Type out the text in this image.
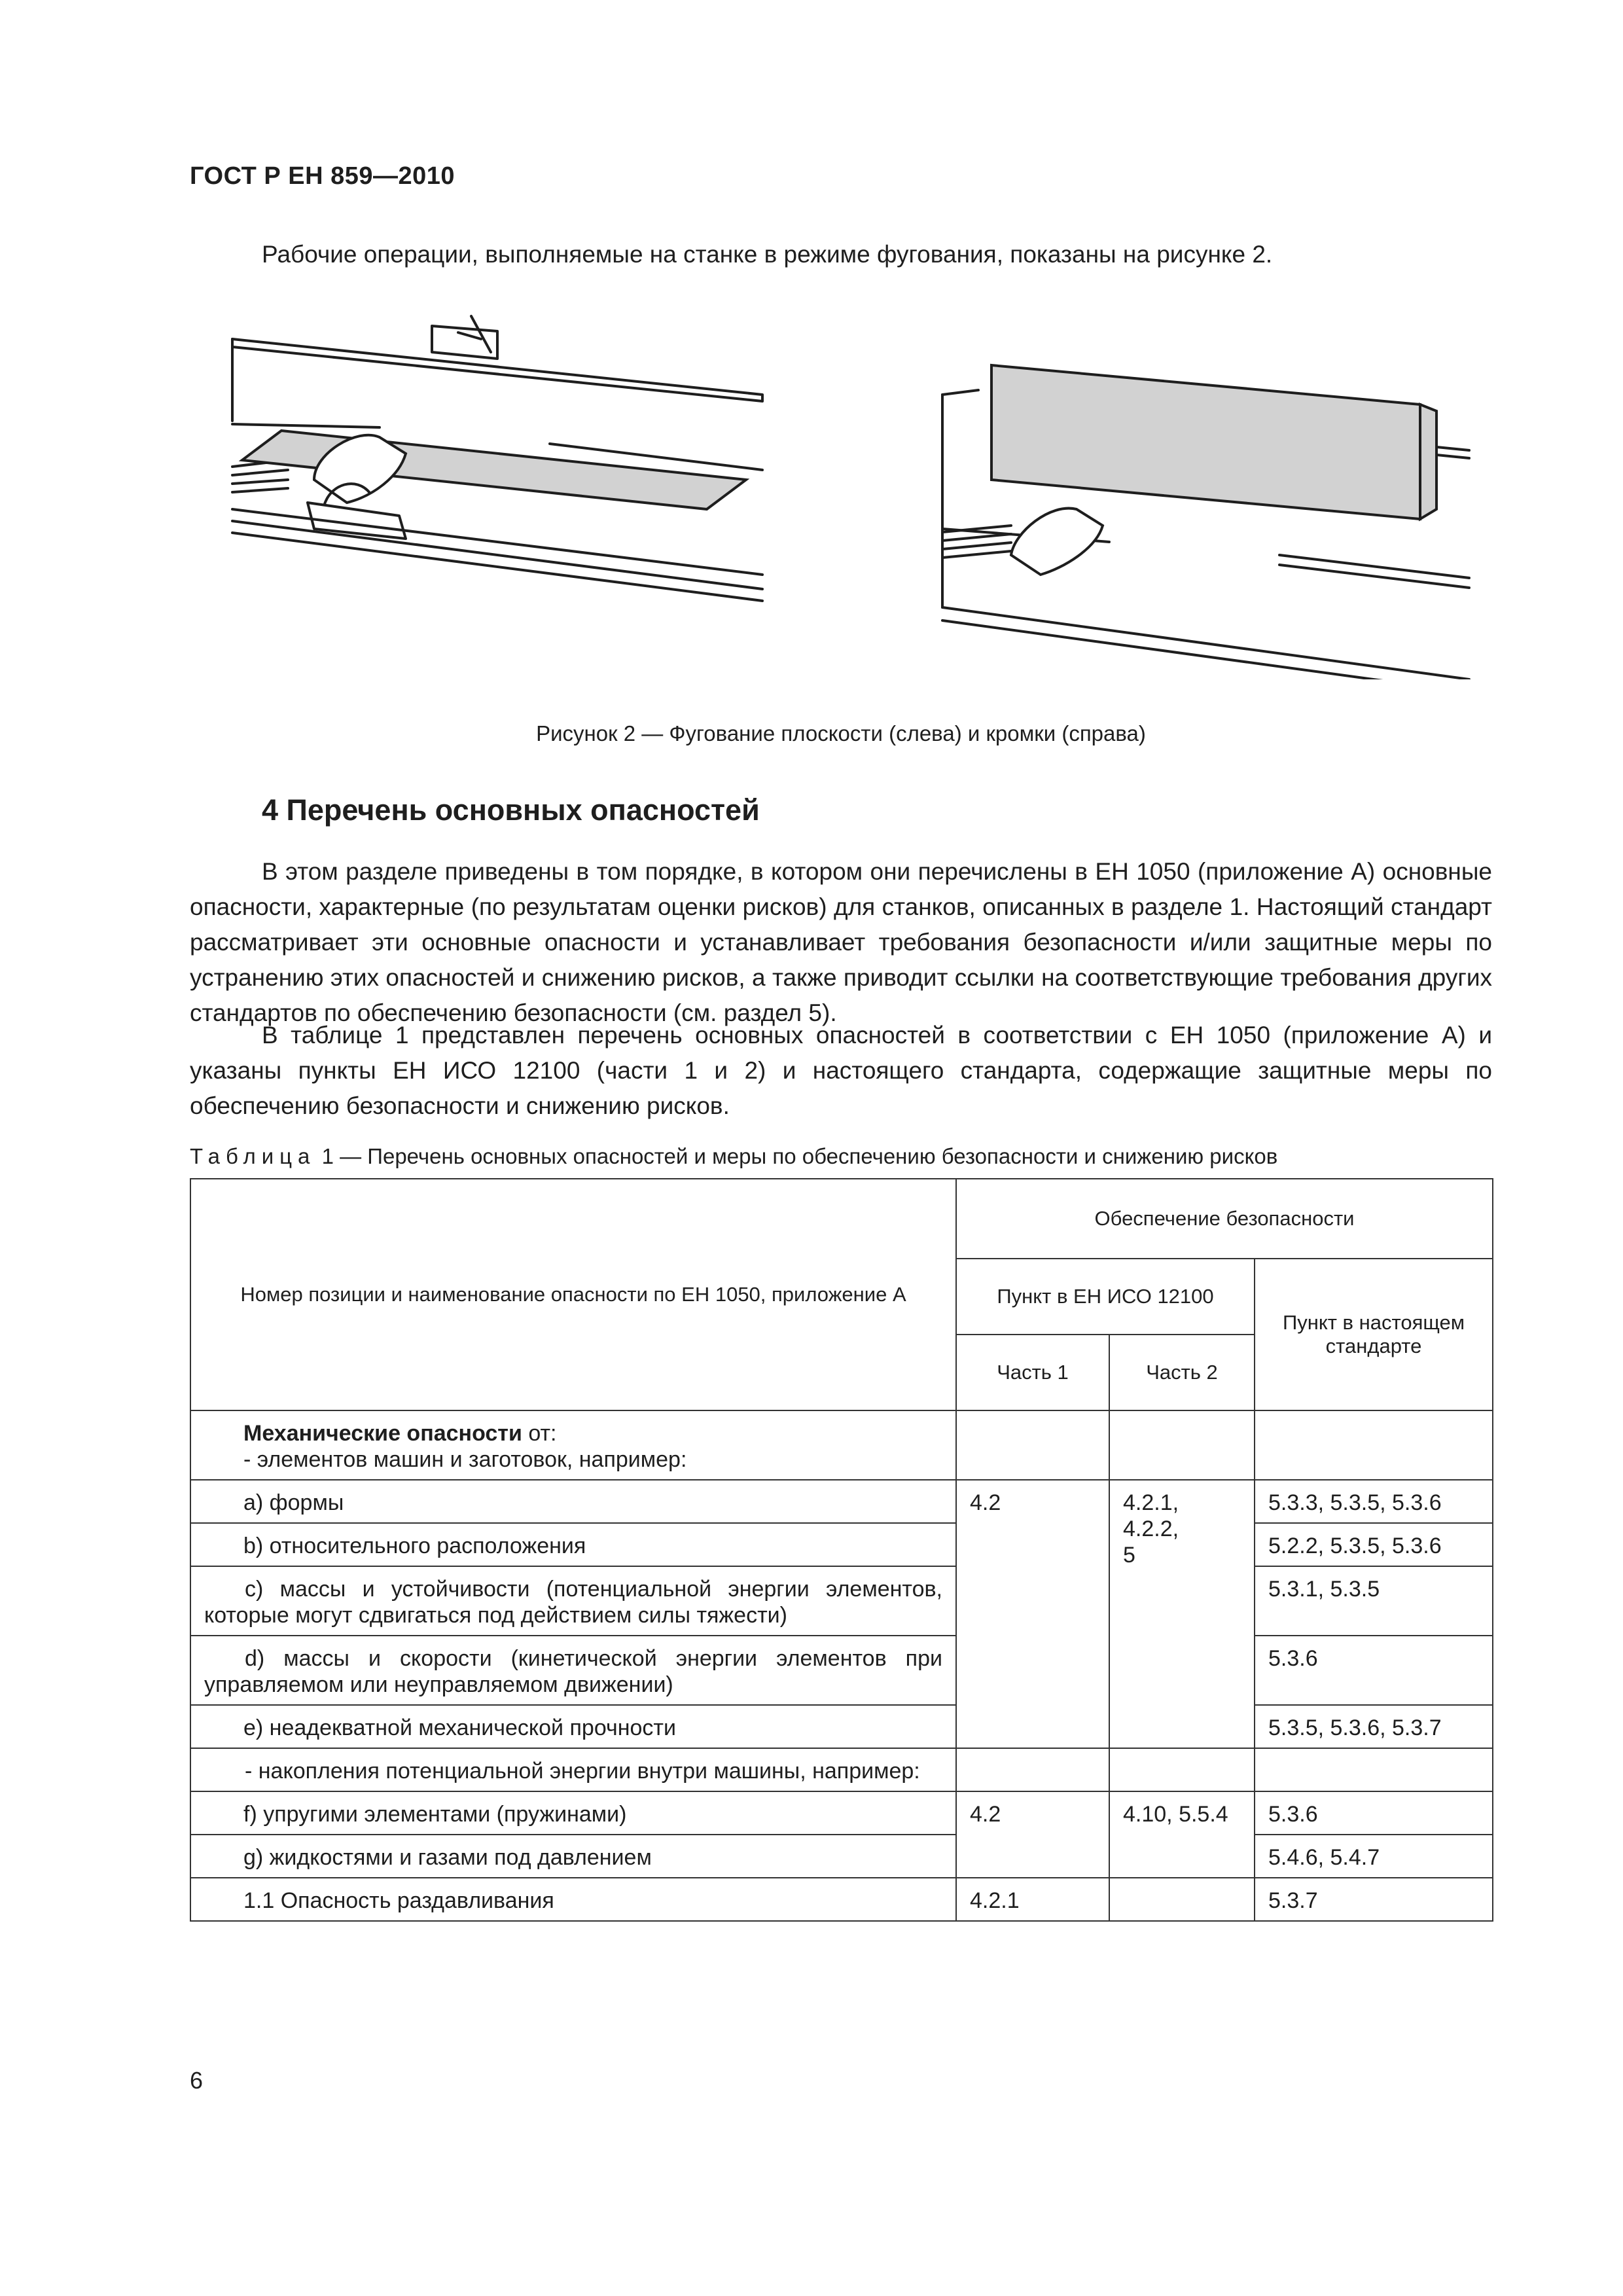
ГОСТ Р ЕН 859—2010
Рабочие операции, выполняемые на станке в режиме фугования, показаны на рисунке 2.
Рисунок 2 — Фугование плоскости (слева) и кромки (справа)
4 Перечень основных опасностей

В этом разделе приведены в том порядке, в котором они перечислены в ЕН 1050 (приложение А) основные опасности, характерные (по результатам оценки рисков) для станков, описанных в разделе 1. Настоящий стандарт рассматривает эти основные опасности и устанавливает требования безопасности и/или защитные меры по устранению этих опасностей и снижению рисков, а также приводит ссылки на соответствующие требования других стандартов по обеспечению безопасности (см. раздел 5).

В таблице 1 представлен перечень основных опасностей в соответствии с ЕН 1050 (приложение А) и указаны пункты ЕН ИСО 12100 (части 1 и 2) и настоящего стандарта, содержащие защитные меры по обеспечению безопасности и снижению рисков.

Таблица 1 — Перечень основных опасностей и меры по обеспечению безопасности и снижению рисков
Номер позиции и наименование опасности по ЕН 1050, приложение А	Обеспечение безопасности		
	Пункт в ЕН ИСО 12100		Пункт в настоящем стандарте
	Часть 1	Часть 2	
Механические опасности от:
- элементов машин и заготовок, например:			
а) формы	4.2	4.2.1,
4.2.2,
5	5.3.3, 5.3.5, 5.3.6
b) относительного расположения			5.2.2, 5.3.5, 5.3.6

с) массы и устойчивости (потенциальной энергии элементов, которые могут сдвигаться под действием силы тяжести)			5.3.1, 5.3.5

d) массы и скорости (кинетической энергии элементов при управляемом или неуправляемом движении)			5.3.6
е) неадекватной механической прочности			5.3.5, 5.3.6, 5.3.7

- накопления потенциальной энергии внутри машины, например:			

f) упругими элементами (пружинами)	4.2	4.10, 5.5.4	5.3.6
g) жидкостями и газами под давлением			5.4.6, 5.4.7
1.1 Опасность раздавливания	4.2.1		5.3.7
6
